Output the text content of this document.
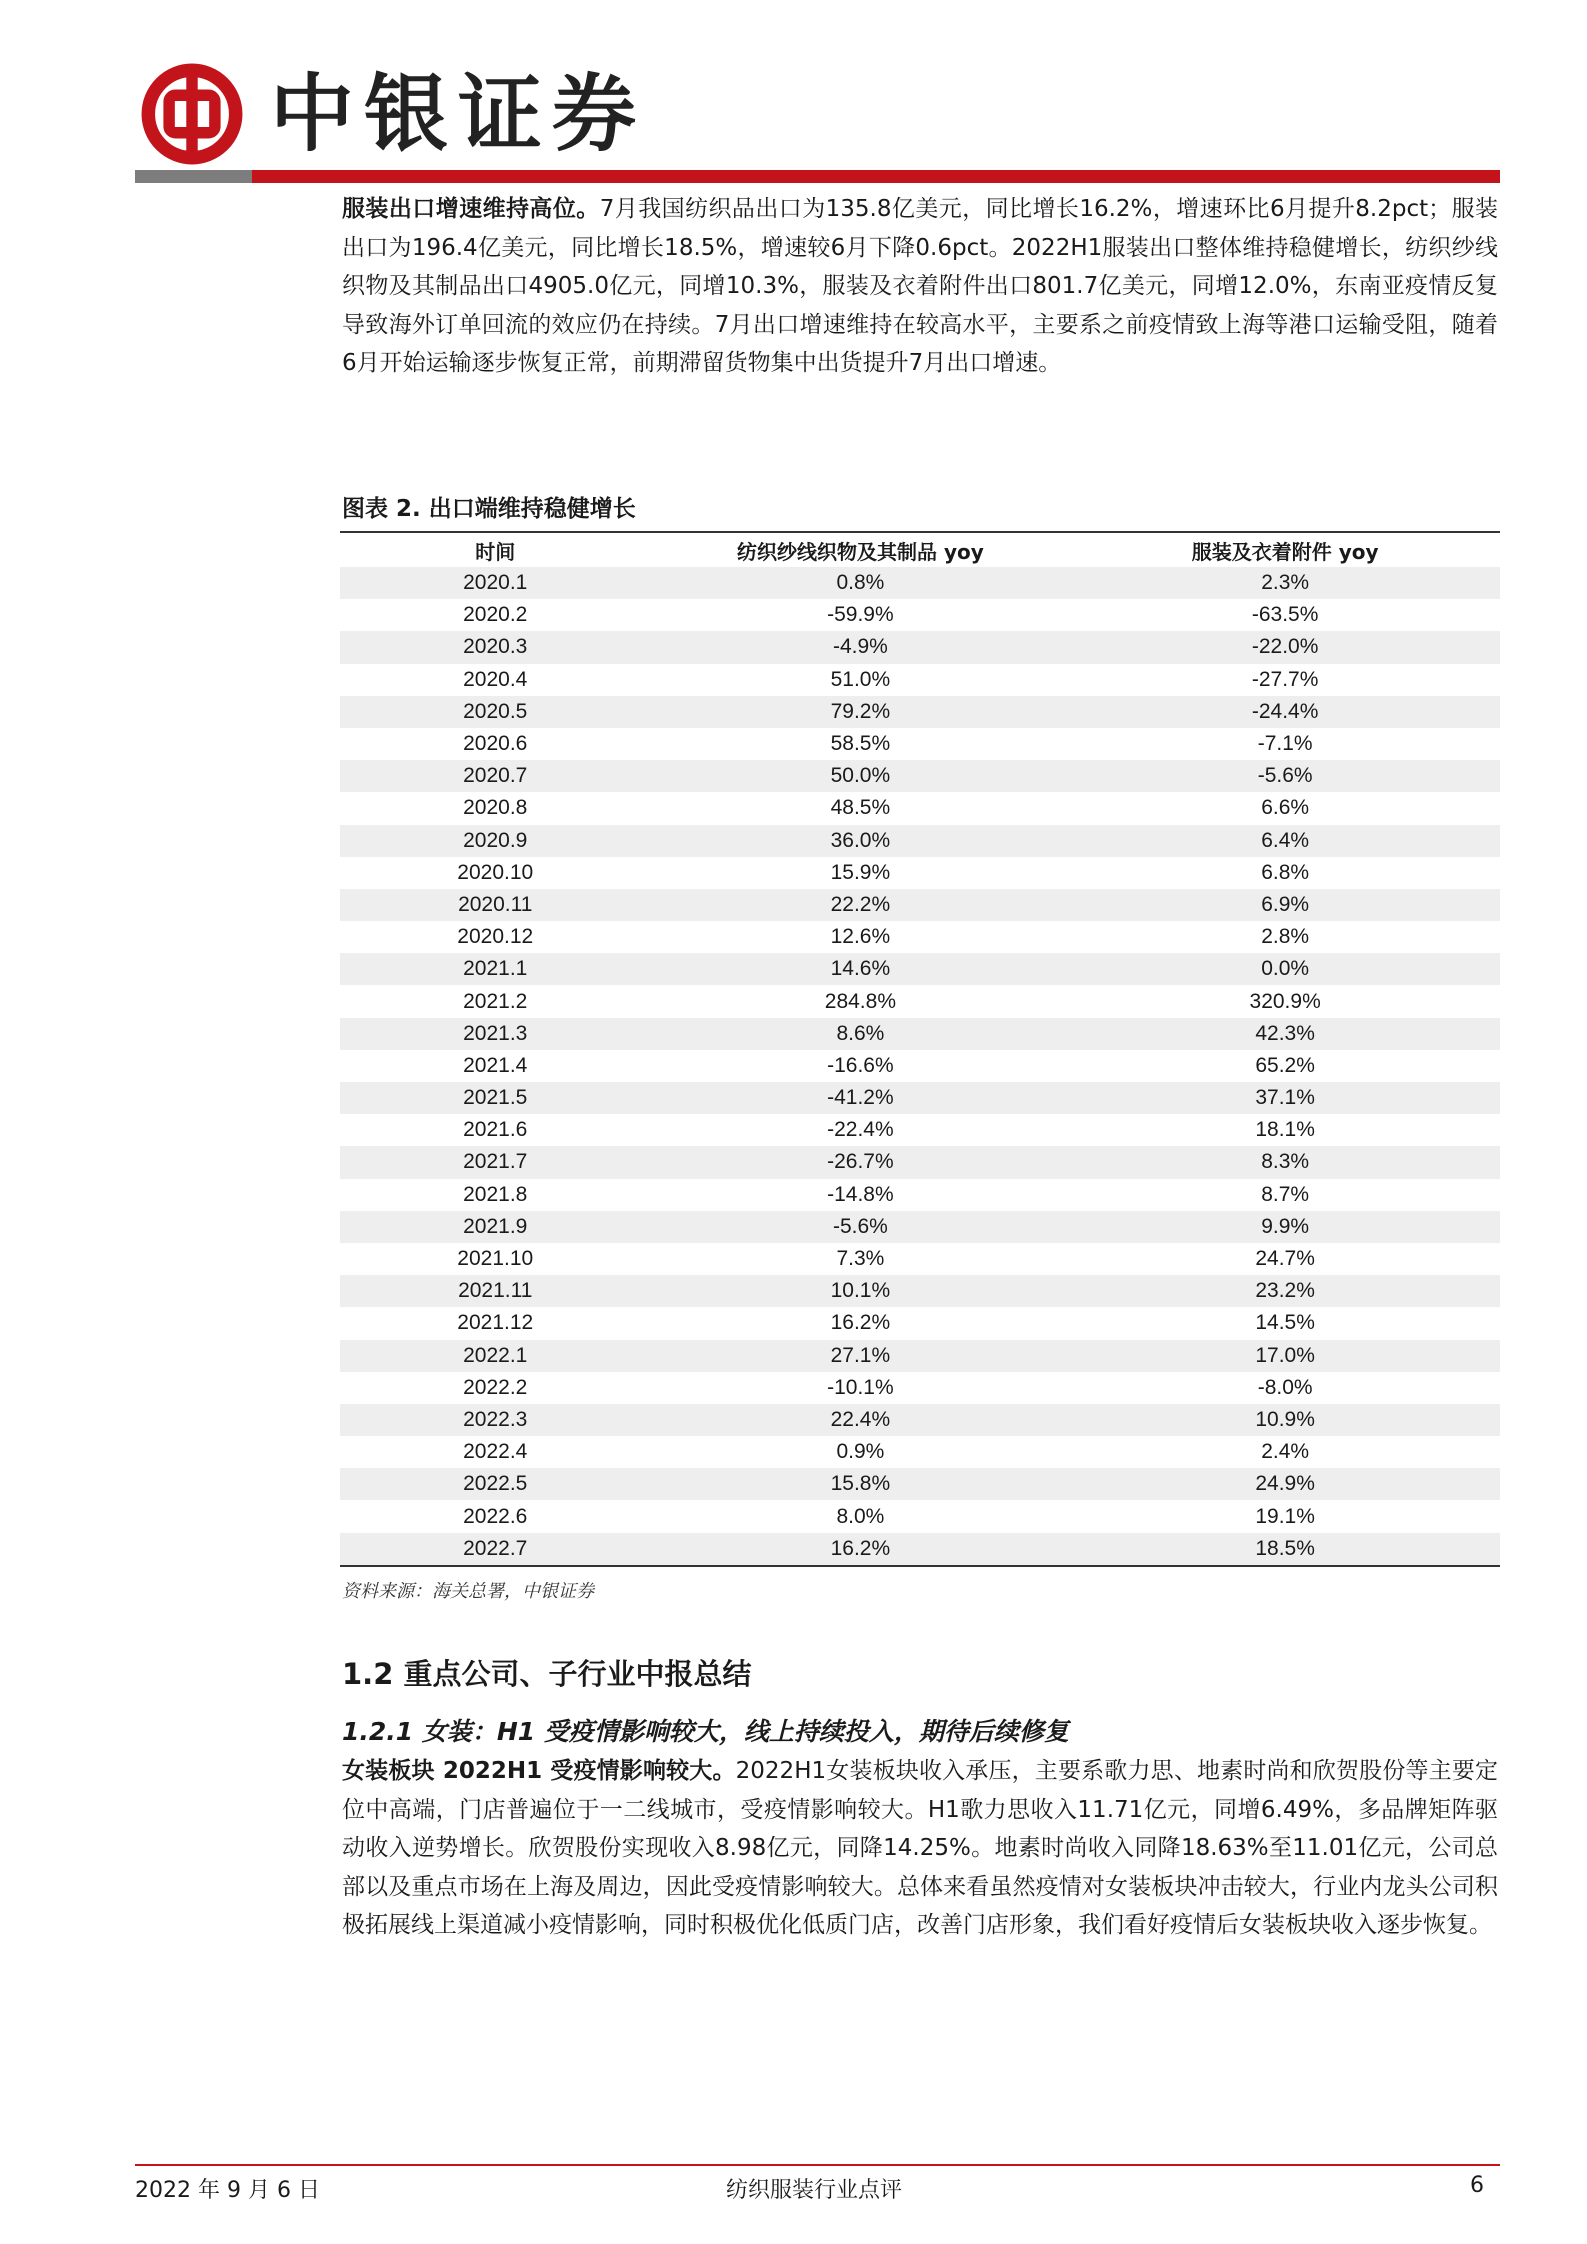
中银证券
服装出口增速维持高位。7月我国纺织品出口为135.8亿美元，同比增长16.2%，增速环比6月提升8.2pct；服装出口为196.4亿美元，同比增长18.5%，增速较6月下降0.6pct。2022H1服装出口整体维持稳健增长，纺织纱线织物及其制品出口4905.0亿元，同增10.3%，服装及衣着附件出口801.7亿美元，同增12.0%，东南亚疫情反复导致海外订单回流的效应仍在持续。7月出口增速维持在较高水平，主要系之前疫情致上海等港口运输受阻，随着6月开始运输逐步恢复正常，前期滞留货物集中出货提升7月出口增速。
图表 2. 出口端维持稳健增长
时间	纺织纱线织物及其制品 yoy	服装及衣着附件 yoy
2020.1	0.8%	2.3%
2020.2	-59.9%	-63.5%
2020.3	-4.9%	-22.0%
2020.4	51.0%	-27.7%
2020.5	79.2%	-24.4%
2020.6	58.5%	-7.1%
2020.7	50.0%	-5.6%
2020.8	48.5%	6.6%
2020.9	36.0%	6.4%
2020.10	15.9%	6.8%
2020.11	22.2%	6.9%
2020.12	12.6%	2.8%
2021.1	14.6%	0.0%
2021.2	284.8%	320.9%
2021.3	8.6%	42.3%
2021.4	-16.6%	65.2%
2021.5	-41.2%	37.1%
2021.6	-22.4%	18.1%
2021.7	-26.7%	8.3%
2021.8	-14.8%	8.7%
2021.9	-5.6%	9.9%
2021.10	7.3%	24.7%
2021.11	10.1%	23.2%
2021.12	16.2%	14.5%
2022.1	27.1%	17.0%
2022.2	-10.1%	-8.0%
2022.3	22.4%	10.9%
2022.4	0.9%	2.4%
2022.5	15.8%	24.9%
2022.6	8.0%	19.1%
2022.7	16.2%	18.5%
资料来源：海关总署，中银证券
1.2 重点公司、子行业中报总结
1.2.1 女装：H1 受疫情影响较大，线上持续投入，期待后续修复
女装板块 2022H1 受疫情影响较大。2022H1女装板块收入承压，主要系歌力思、地素时尚和欣贺股份等主要定位中高端，门店普遍位于一二线城市，受疫情影响较大。H1歌力思收入11.71亿元，同增6.49%，多品牌矩阵驱动收入逆势增长。欣贺股份实现收入8.98亿元，同降14.25%。地素时尚收入同降18.63%至11.01亿元，公司总部以及重点市场在上海及周边，因此受疫情影响较大。总体来看虽然疫情对女装板块冲击较大，行业内龙头公司积极拓展线上渠道减小疫情影响，同时积极优化低质门店，改善门店形象，我们看好疫情后女装板块收入逐步恢复。
2022 年 9 月 6 日	纺织服装行业点评	6
